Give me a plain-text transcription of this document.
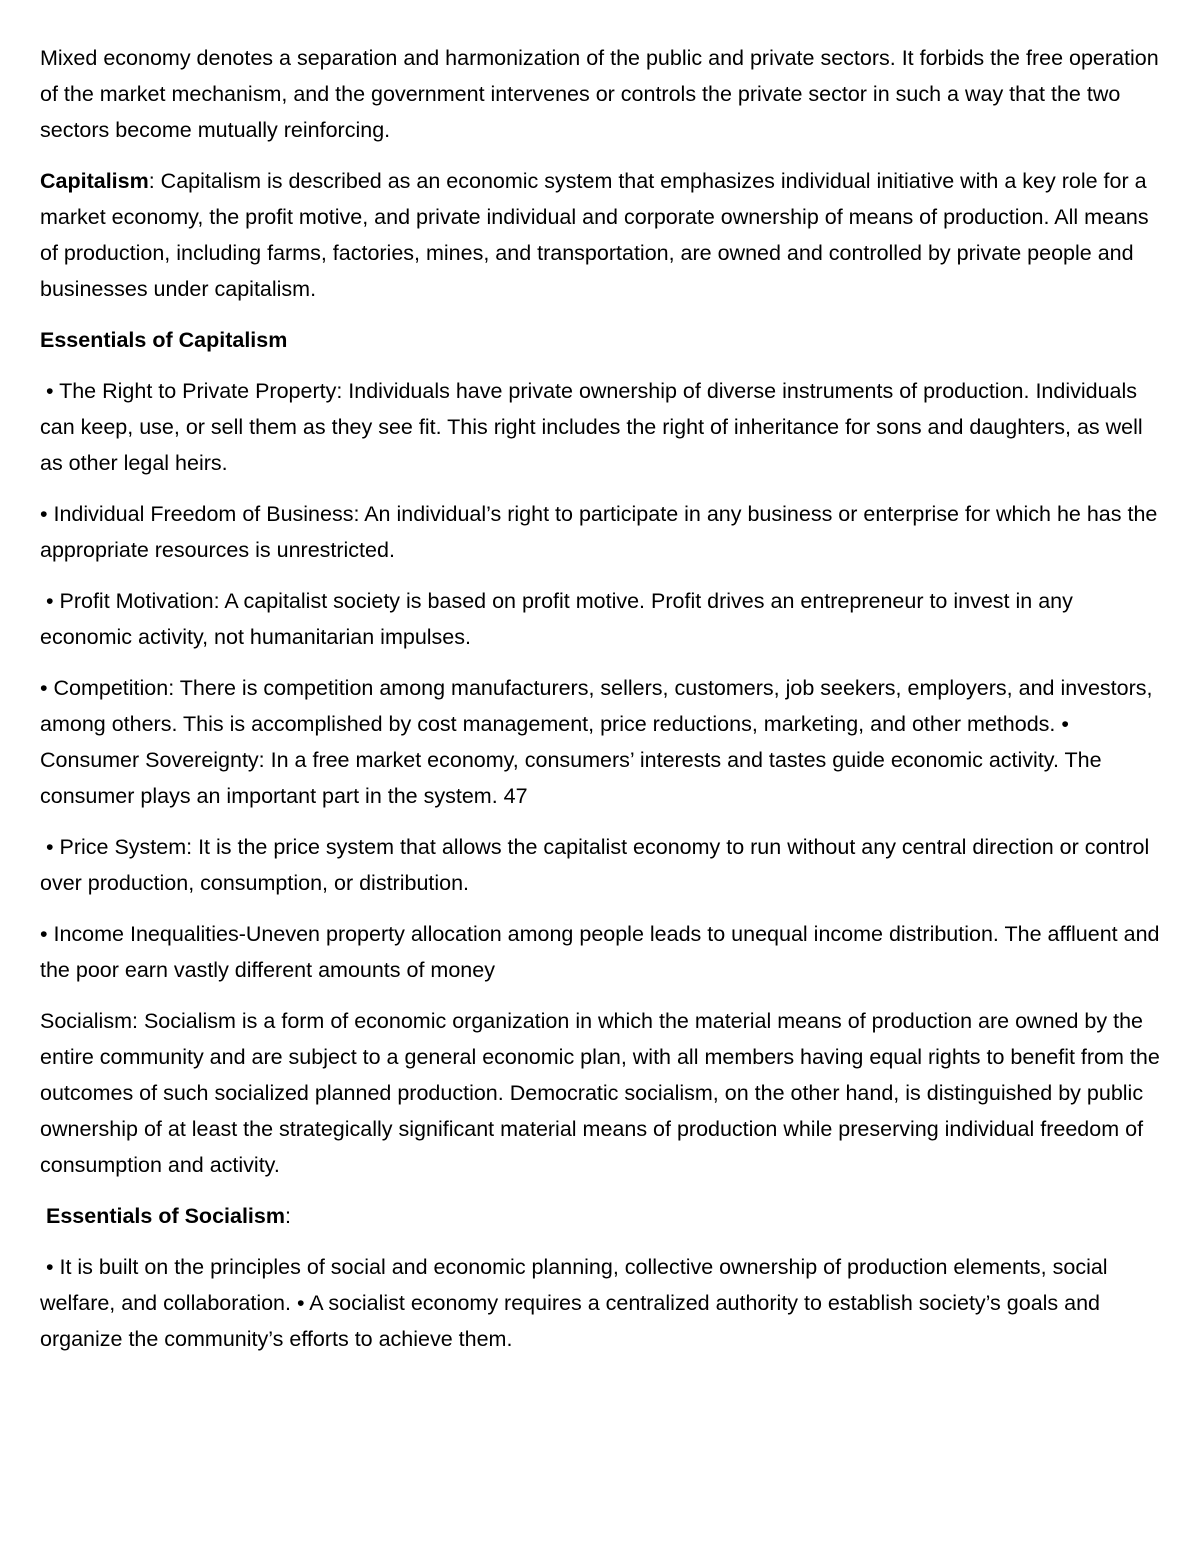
Mixed economy denotes a separation and harmonization of the public and private sectors. It forbids the free operation of the market mechanism, and the government intervenes or controls the private sector in such a way that the two sectors become mutually reinforcing.

Capitalism: Capitalism is described as an economic system that emphasizes individual initiative with a key role for a market economy, the profit motive, and private individual and corporate ownership of means of production. All means of production, including farms, factories, mines, and transportation, are owned and controlled by private people and businesses under capitalism.

Essentials of Capitalism

• The Right to Private Property: Individuals have private ownership of diverse instruments of production. Individuals can keep, use, or sell them as they see fit. This right includes the right of inheritance for sons and daughters, as well as other legal heirs.

• Individual Freedom of Business: An individual’s right to participate in any business or enterprise for which he has the appropriate resources is unrestricted.

• Profit Motivation: A capitalist society is based on profit motive. Profit drives an entrepreneur to invest in any economic activity, not humanitarian impulses.

• Competition: There is competition among manufacturers, sellers, customers, job seekers, employers, and investors, among others. This is accomplished by cost management, price reductions, marketing, and other methods. • Consumer Sovereignty: In a free market economy, consumers’ interests and tastes guide economic activity. The consumer plays an important part in the system. 47

• Price System: It is the price system that allows the capitalist economy to run without any central direction or control over production, consumption, or distribution.

• Income Inequalities-Uneven property allocation among people leads to unequal income distribution. The affluent and the poor earn vastly different amounts of money

Socialism: Socialism is a form of economic organization in which the material means of production are owned by the entire community and are subject to a general economic plan, with all members having equal rights to benefit from the outcomes of such socialized planned production. Democratic socialism, on the other hand, is distinguished by public ownership of at least the strategically significant material means of production while preserving individual freedom of consumption and activity.

Essentials of Socialism:

• It is built on the principles of social and economic planning, collective ownership of production elements, social welfare, and collaboration. • A socialist economy requires a centralized authority to establish society’s goals and organize the community’s efforts to achieve them.
